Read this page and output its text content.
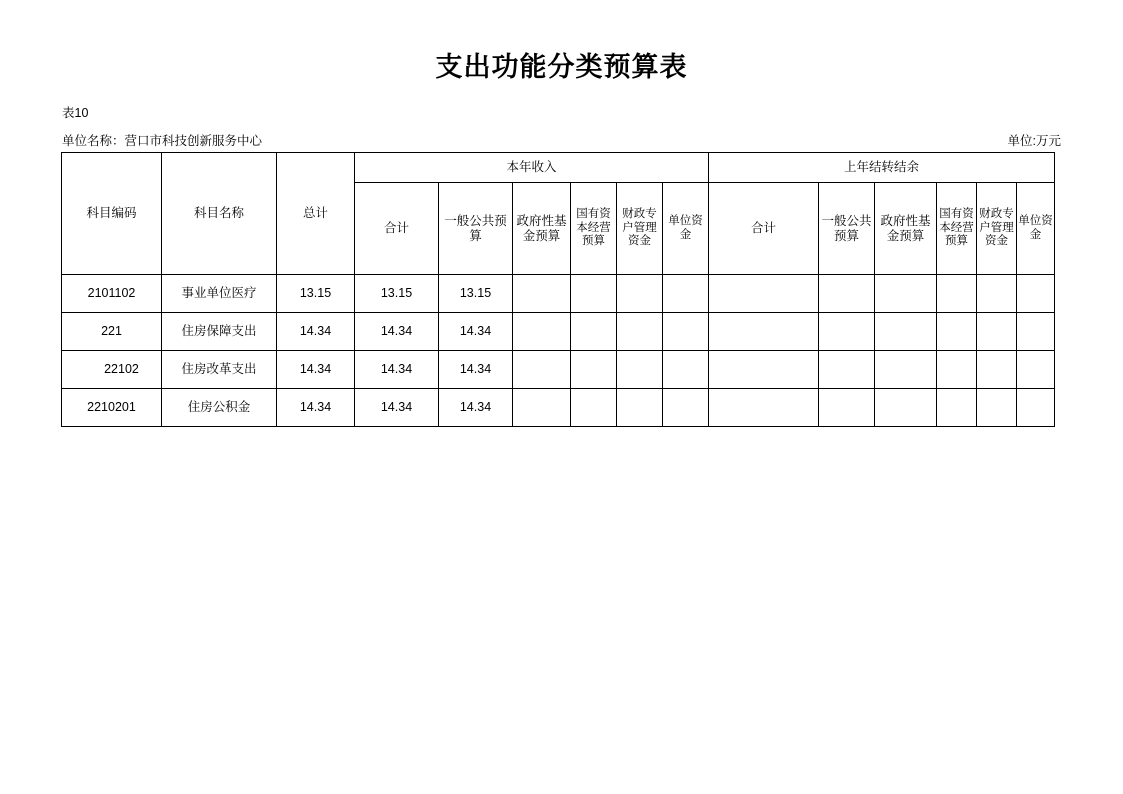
支出功能分类预算表
表10
单位名称：营口市科技创新服务中心	单位:万元
科目编码	科目名称	总计	本年收入						上年结转结余					
			合计	一般公共预算	政府性基金预算	国有资本经营预算	财政专户管理资金	单位资金	合计	一般公共预算	政府性基金预算	国有资本经营预算	财政专户管理资金	单位资金
2101102	事业单位医疗	13.15	13.15	13.15										
221	住房保障支出	14.34	14.34	14.34										
22102	住房改革支出	14.34	14.34	14.34										
2210201	住房公积金	14.34	14.34	14.34										
